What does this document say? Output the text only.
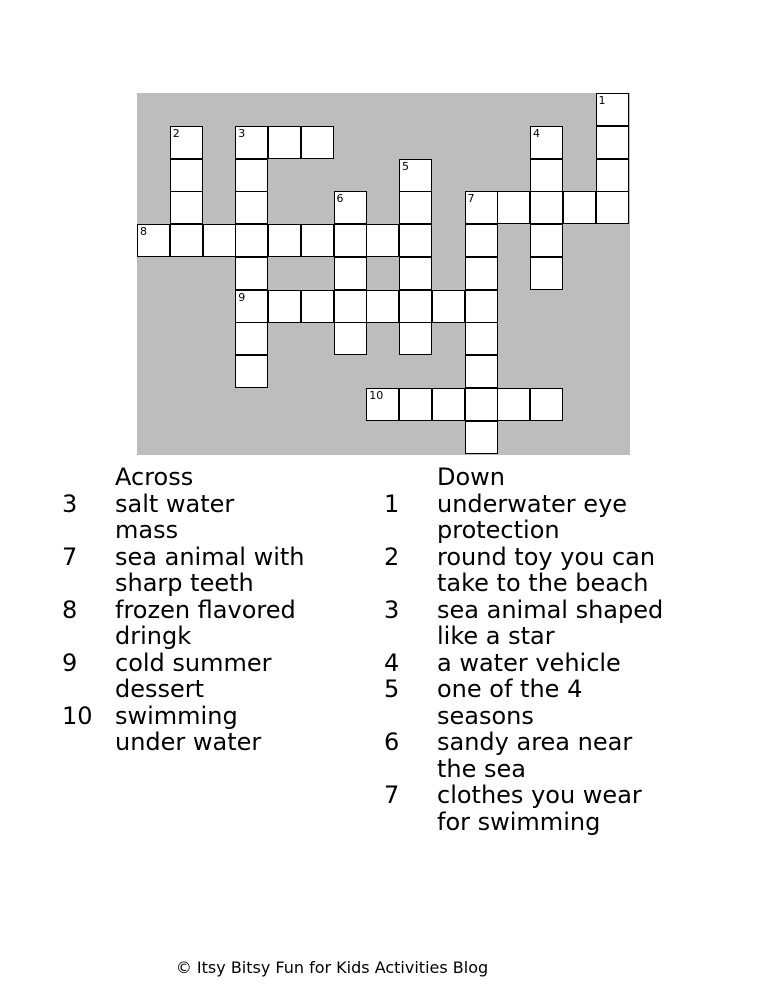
1
2	3
9
4
5
6	7
8
10
Across
3 salt water mass
7 sea animal with sharp teeth
8 frozen flavored dringk
9 cold summer dessert
10 swimming under water
Down
1 underwater eye protection
2 round toy you can take to the beach
3 sea animal shaped like a star
4 a water vehicle
5 one of the 4 seasons
6 sandy area near the sea
7 clothes you wear for swimming
© Itsy Bitsy Fun for Kids Activities Blog
